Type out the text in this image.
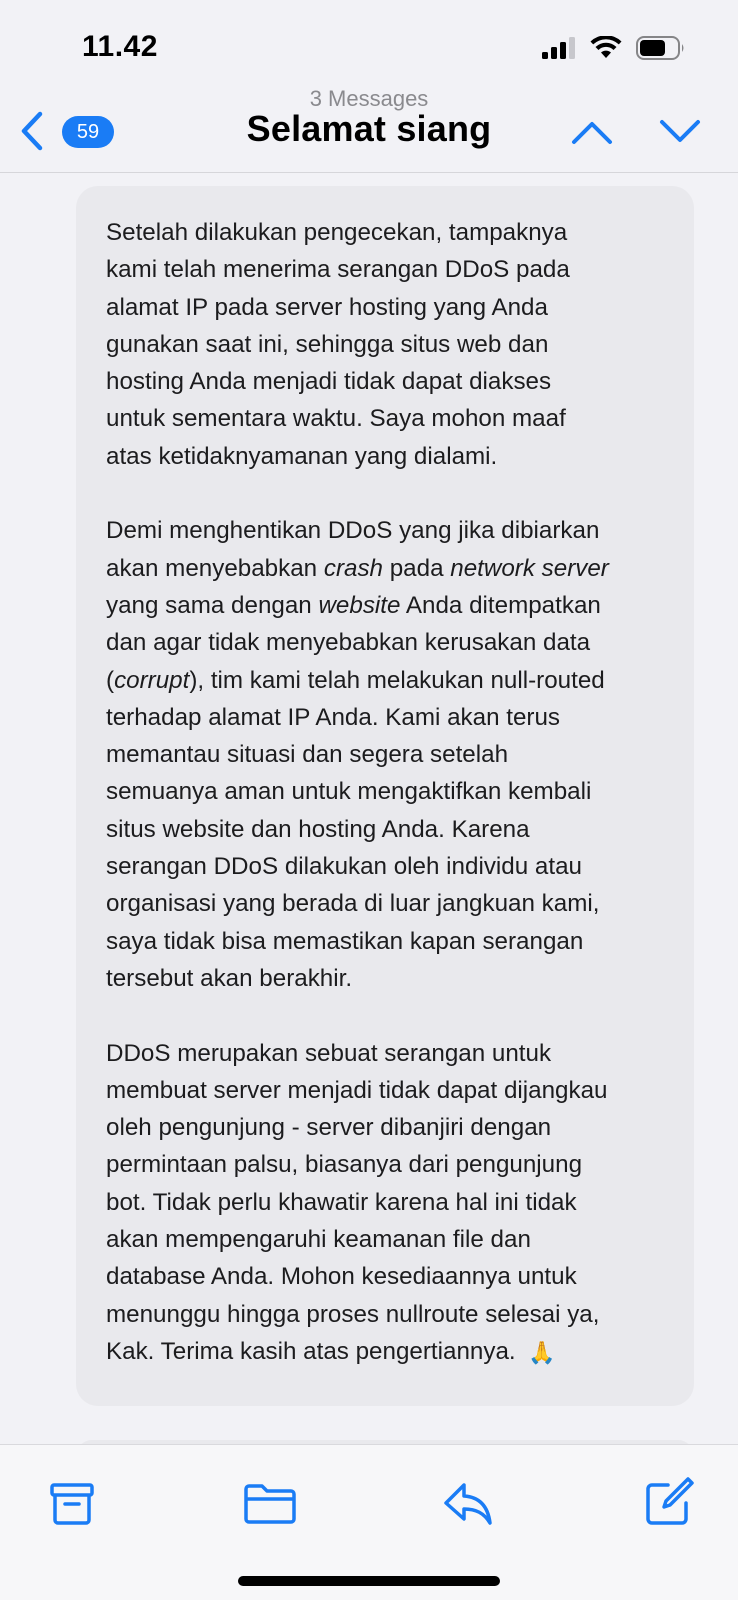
11.42
59
3 Messages
Selamat siang
Setelah dilakukan pengecekan, tampaknya
kami telah menerima serangan DDoS pada
alamat IP pada server hosting yang Anda
gunakan saat ini, sehingga situs web dan
hosting Anda menjadi tidak dapat diakses
untuk sementara waktu. Saya mohon maaf
atas ketidaknyamanan yang dialami.
Demi menghentikan DDoS yang jika dibiarkan
akan menyebabkan crash pada network server
yang sama dengan website Anda ditempatkan
dan agar tidak menyebabkan kerusakan data
(corrupt), tim kami telah melakukan null-routed
terhadap alamat IP Anda. Kami akan terus
memantau situasi dan segera setelah
semuanya aman untuk mengaktifkan kembali
situs website dan hosting Anda. Karena
serangan DDoS dilakukan oleh individu atau
organisasi yang berada di luar jangkuan kami,
saya tidak bisa memastikan kapan serangan
tersebut akan berakhir.
DDoS merupakan sebuat serangan untuk
membuat server menjadi tidak dapat dijangkau
oleh pengunjung - server dibanjiri dengan
permintaan palsu, biasanya dari pengunjung
bot. Tidak perlu khawatir karena hal ini tidak
akan mempengaruhi keamanan file dan
database Anda. Mohon kesediaannya untuk
menunggu hingga proses nullroute selesai ya,
Kak. Terima kasih atas pengertiannya. 🙏
